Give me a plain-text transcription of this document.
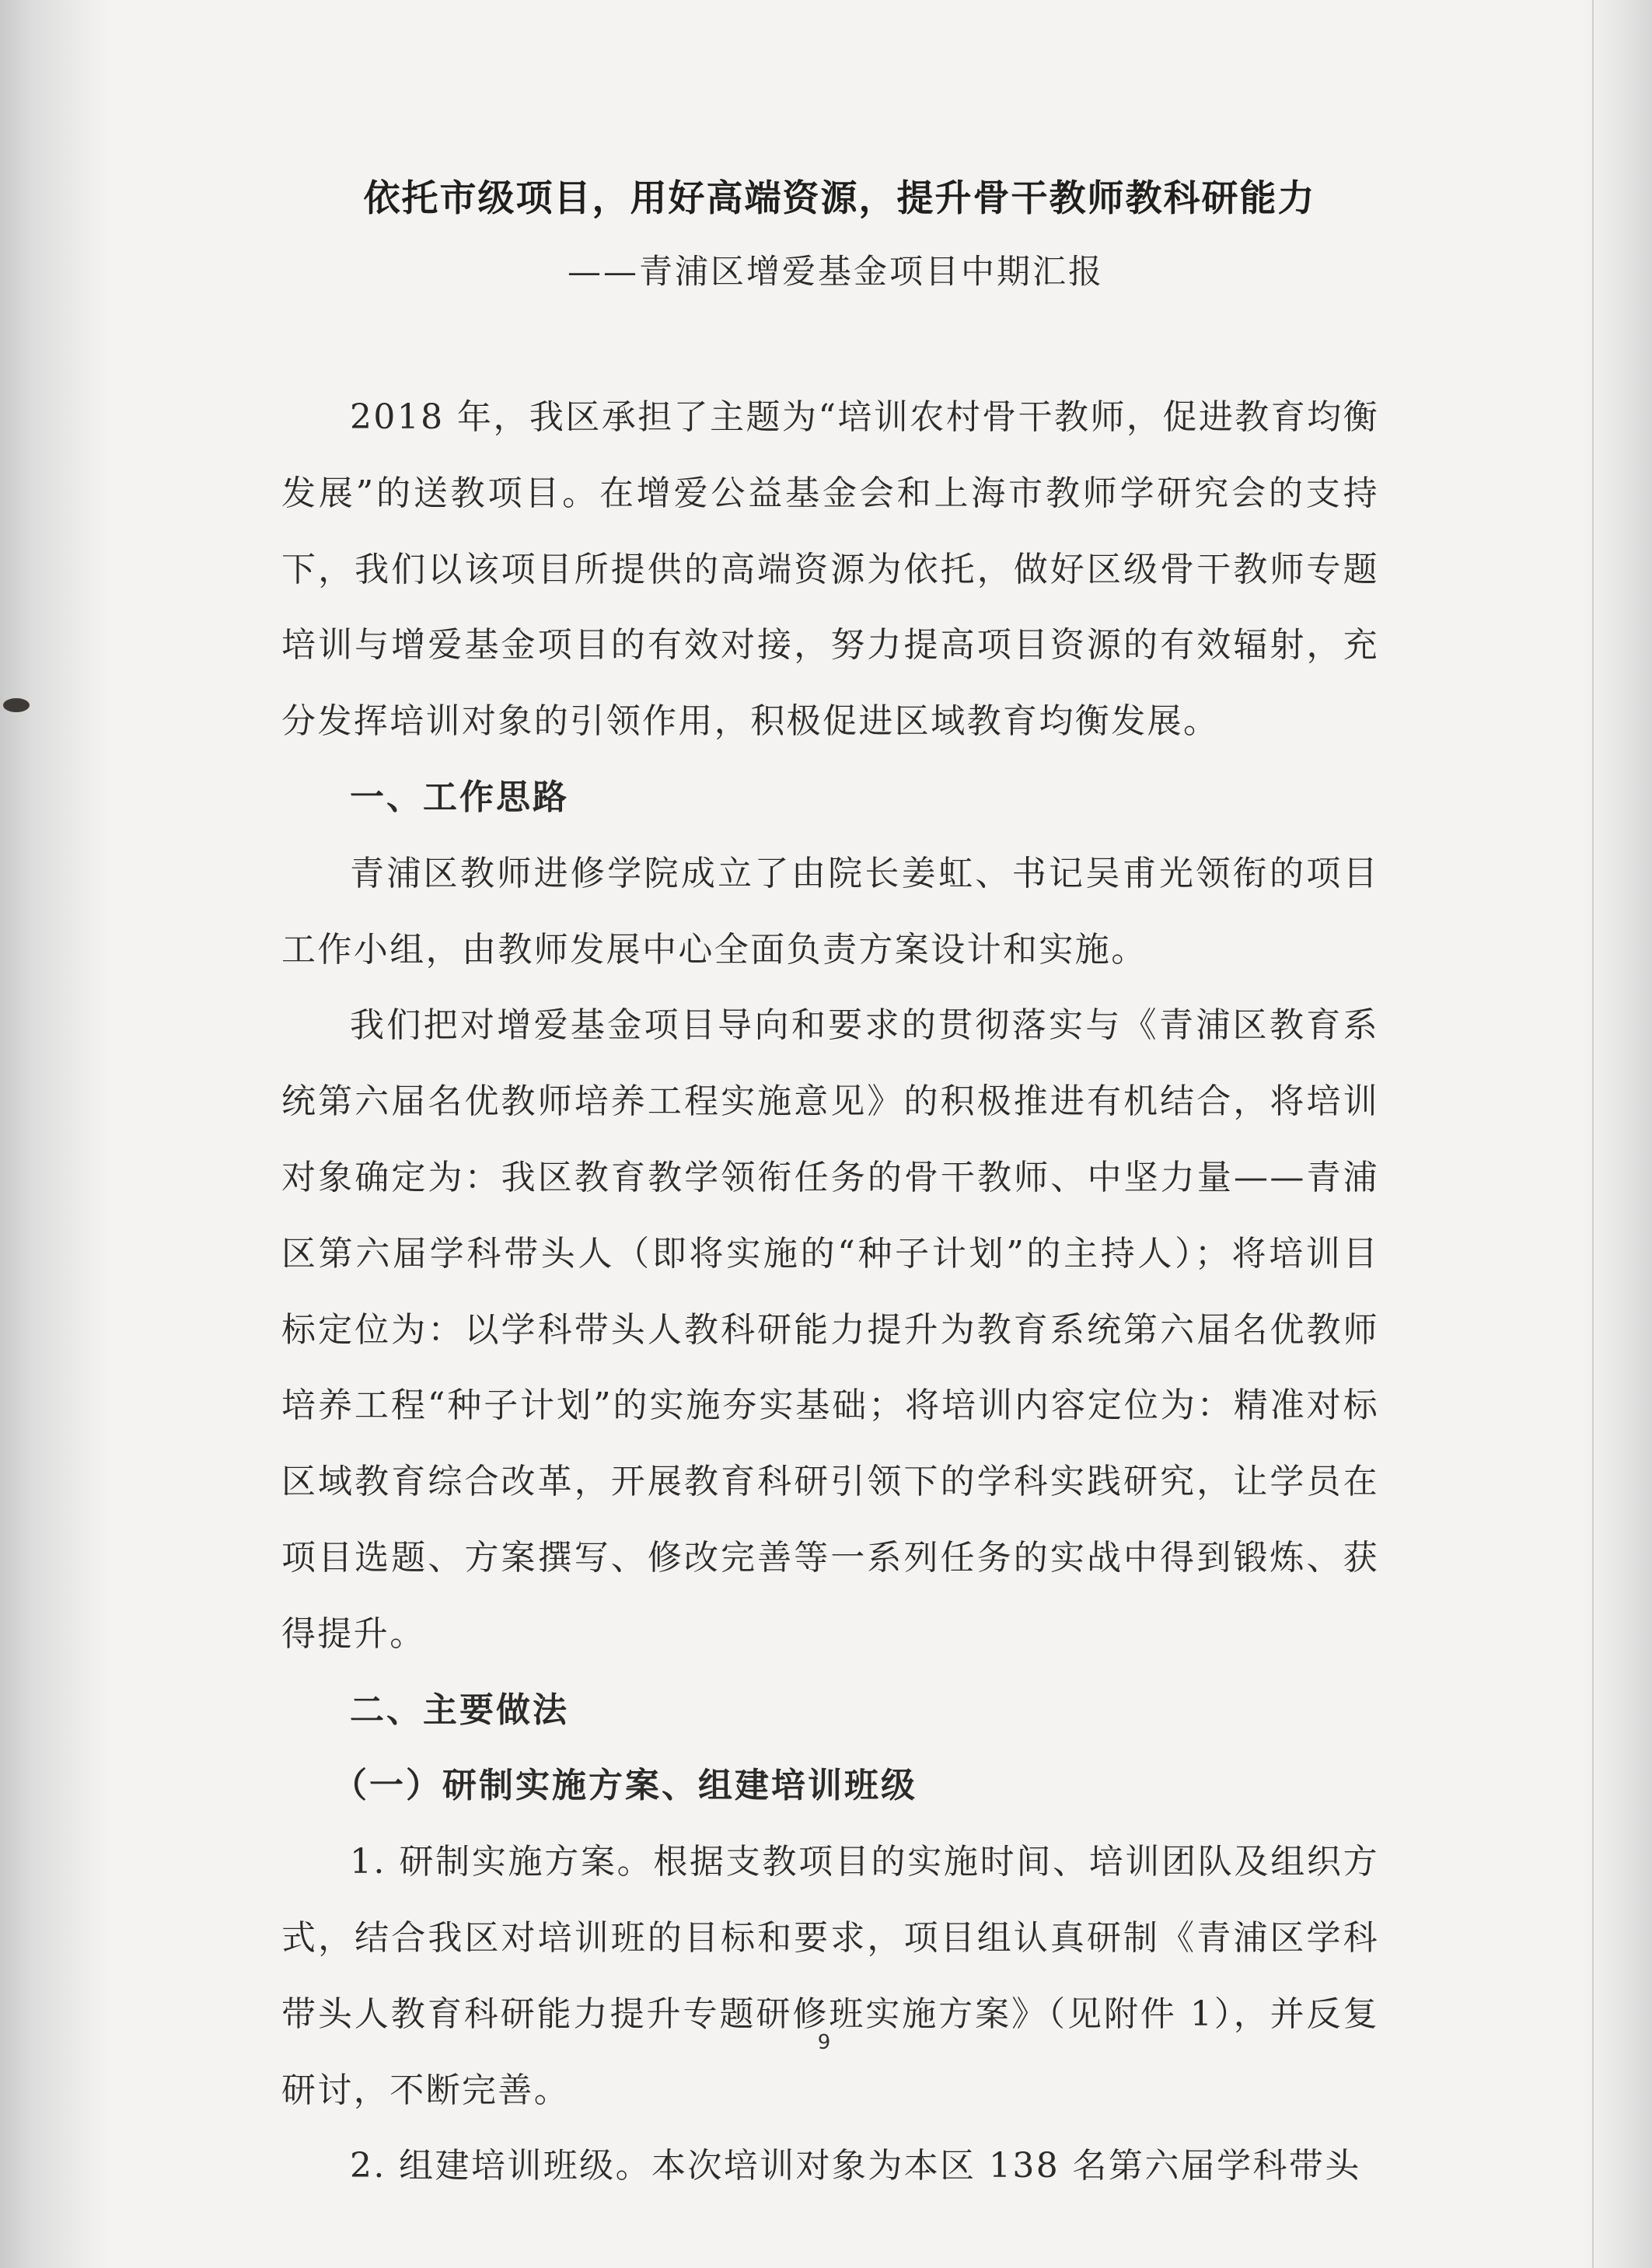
依托市级项目，用好高端资源，提升骨干教师教科研能力
——青浦区增爱基金项目中期汇报

2018 年，我区承担了主题为“培训农村骨干教师，促进教育均衡发展”的送教项目。在增爱公益基金会和上海市教师学研究会的支持下，我们以该项目所提供的高端资源为依托，做好区级骨干教师专题培训与增爱基金项目的有效对接，努力提高项目资源的有效辐射，充分发挥培训对象的引领作用，积极促进区域教育均衡发展。

一、工作思路

青浦区教师进修学院成立了由院长姜虹、书记吴甫光领衔的项目工作小组，由教师发展中心全面负责方案设计和实施。

我们把对增爱基金项目导向和要求的贯彻落实与《青浦区教育系统第六届名优教师培养工程实施意见》的积极推进有机结合，将培训对象确定为：我区教育教学领衔任务的骨干教师、中坚力量——青浦区第六届学科带头人（即将实施的“种子计划”的主持人）；将培训目标定位为：以学科带头人教科研能力提升为教育系统第六届名优教师培养工程“种子计划”的实施夯实基础；将培训内容定位为：精准对标区域教育综合改革，开展教育科研引领下的学科实践研究，让学员在项目选题、方案撰写、修改完善等一系列任务的实战中得到锻炼、获得提升。

二、主要做法
（一）研制实施方案、组建培训班级

1. 研制实施方案。根据支教项目的实施时间、培训团队及组织方式，结合我区对培训班的目标和要求，项目组认真研制《青浦区学科带头人教育科研能力提升专题研修班实施方案》（见附件 1），并反复研讨，不断完善。

2. 组建培训班级。本次培训对象为本区 138 名第六届学科带头

9
